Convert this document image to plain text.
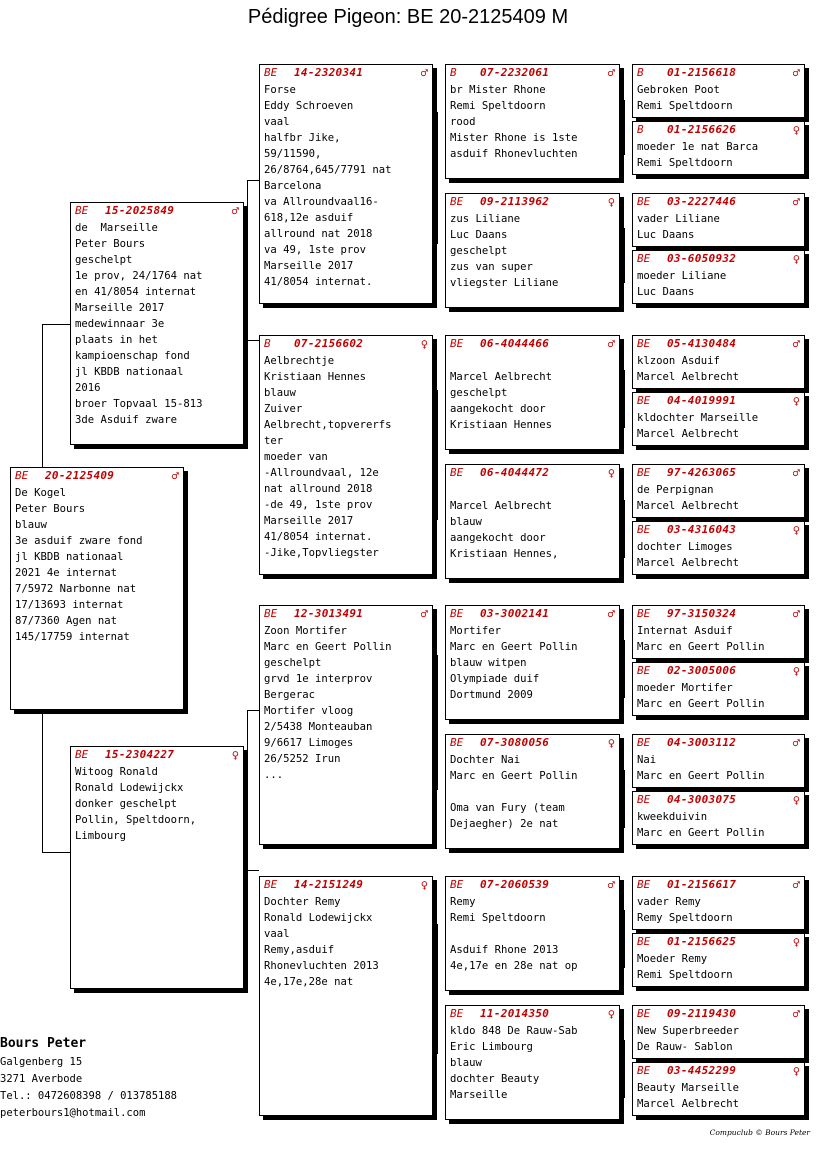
Pédigree Pigeon: BE 20-2125409 M
BE	20-2125409	♂
De Kogel
Peter Bours
blauw
3e asduif zware fond
jl KBDB nationaal
2021 4e internat
7/5972 Narbonne nat
17/13693 internat
87/7360 Agen nat
145/17759 internat
BE	15-2025849	♂
de  Marseille
Peter Bours
geschelpt
1e prov, 24/1764 nat
en 41/8054 internat
Marseille 2017
medewinnaar 3e
plaats in het
kampioenschap fond
jl KBDB nationaal
2016
broer Topvaal 15-813
3de Asduif zware
BE	15-2304227	♀
Witoog Ronald
Ronald Lodewijckx
donker geschelpt
Pollin, Speltdoorn,
Limbourg
BE	14-2320341	♂
Forse
Eddy Schroeven
vaal
halfbr Jike,
59/11590,
26/8764,645/7791 nat
Barcelona
va Allroundvaal16-
618,12e asduif
allround nat 2018
va 49, 1ste prov
Marseille 2017
41/8054 internat.
B	07-2156602	♀
Aelbrechtje
Kristiaan Hennes
blauw
Zuiver
Aelbrecht,topvererfs
ter
moeder van
-Allroundvaal, 12e
nat allround 2018
-de 49, 1ste prov
Marseille 2017
41/8054 internat.
-Jike,Topvliegster
BE	12-3013491	♂
Zoon Mortifer
Marc en Geert Pollin
geschelpt
grvd 1e interprov
Bergerac
Mortifer vloog
2/5438 Monteauban
9/6617 Limoges
26/5252 Irun
...
BE	14-2151249	♀
Dochter Remy
Ronald Lodewijckx
vaal
Remy,asduif
Rhonevluchten 2013
4e,17e,28e nat
B	07-2232061	♂
br Mister Rhone
Remi Speltdoorn
rood
Mister Rhone is 1ste
asduif Rhonevluchten
BE	09-2113962	♀
zus Liliane
Luc Daans
geschelpt
zus van super
vliegster Liliane
BE	06-4044466	♂

Marcel Aelbrecht
geschelpt
aangekocht door
Kristiaan Hennes
BE	06-4044472	♀

Marcel Aelbrecht
blauw
aangekocht door
Kristiaan Hennes,
BE	03-3002141	♂
Mortifer
Marc en Geert Pollin
blauw witpen
Olympiade duif
Dortmund 2009
BE	07-3080056	♀
Dochter Nai
Marc en Geert Pollin

Oma van Fury (team
Dejaegher) 2e nat
BE	07-2060539	♂
Remy
Remi Speltdoorn

Asduif Rhone 2013
4e,17e en 28e nat op
BE	11-2014350	♀
kldo 848 De Rauw-Sab
Eric Limbourg
blauw
dochter Beauty
Marseille
B	01-2156618	♂
Gebroken Poot
Remi Speltdoorn
B	01-2156626	♀
moeder 1e nat Barca
Remi Speltdoorn
BE	03-2227446	♂
vader Liliane
Luc Daans
BE	03-6050932	♀
moeder Liliane
Luc Daans
BE	05-4130484	♂
klzoon Asduif
Marcel Aelbrecht
BE	04-4019991	♀
kldochter Marseille
Marcel Aelbrecht
BE	97-4263065	♂
de Perpignan
Marcel Aelbrecht
BE	03-4316043	♀
dochter Limoges
Marcel Aelbrecht
BE	97-3150324	♂
Internat Asduif
Marc en Geert Pollin
BE	02-3005006	♀
moeder Mortifer
Marc en Geert Pollin
BE	04-3003112	♂
Nai
Marc en Geert Pollin
BE	04-3003075	♀
kweekduivin
Marc en Geert Pollin
BE	01-2156617	♂
vader Remy
Remy Speltdoorn
BE	01-2156625	♀
Moeder Remy
Remi Speltdoorn
BE	09-2119430	♂
New Superbreeder
De Rauw- Sablon
BE	03-4452299	♀
Beauty Marseille
Marcel Aelbrecht
Bours Peter
Galgenberg 15
3271 Averbode
Tel.: 0472608398 / 013785188
peterbours1@hotmail.com
Compuclub © Bours Peter
